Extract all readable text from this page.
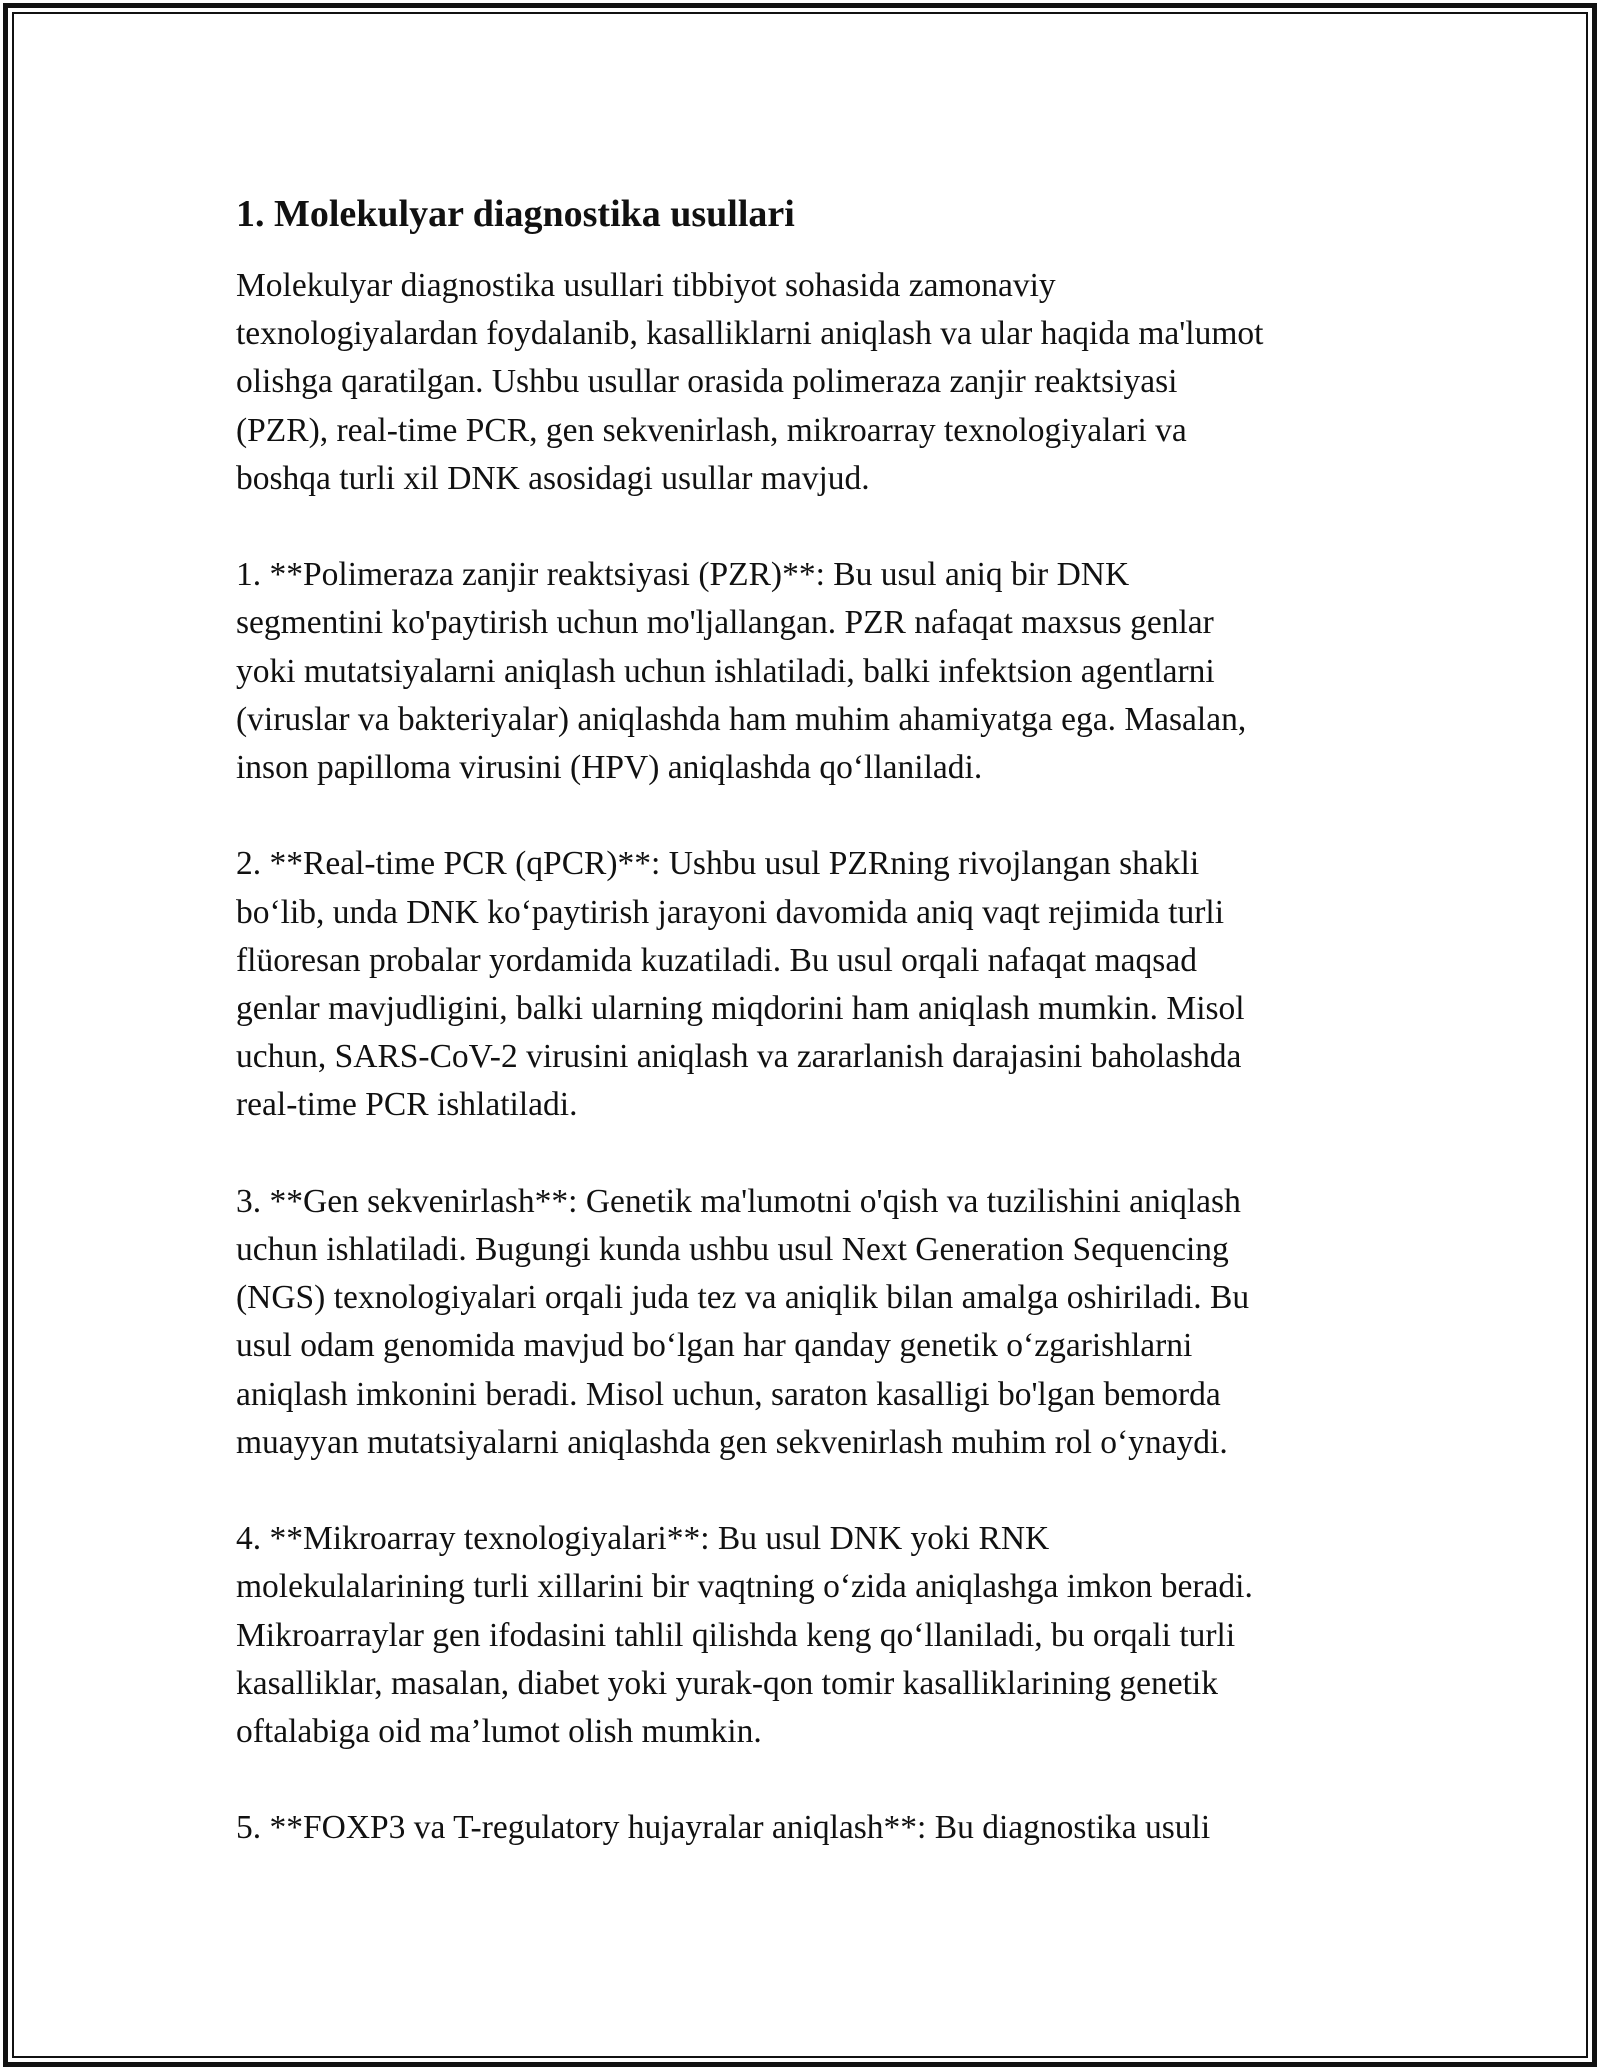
1. Molekulyar diagnostika usullari

Molekulyar diagnostika usullari tibbiyot sohasida zamonaviy
texnologiyalardan foydalanib, kasalliklarni aniqlash va ular haqida ma'lumot
olishga qaratilgan. Ushbu usullar orasida polimeraza zanjir reaktsiyasi
(PZR), real-time PCR, gen sekvenirlash, mikroarray texnologiyalari va
boshqa turli xil DNK asosidagi usullar mavjud.

1. **Polimeraza zanjir reaktsiyasi (PZR)**: Bu usul aniq bir DNK
segmentini ko'paytirish uchun mo'ljallangan. PZR nafaqat maxsus genlar
yoki mutatsiyalarni aniqlash uchun ishlatiladi, balki infektsion agentlarni
(viruslar va bakteriyalar) aniqlashda ham muhim ahamiyatga ega. Masalan,
inson papilloma virusini (HPV) aniqlashda qo‘llaniladi.

2. **Real-time PCR (qPCR)**: Ushbu usul PZRning rivojlangan shakli
bo‘lib, unda DNK ko‘paytirish jarayoni davomida aniq vaqt rejimida turli
flüoresan probalar yordamida kuzatiladi. Bu usul orqali nafaqat maqsad
genlar mavjudligini, balki ularning miqdorini ham aniqlash mumkin. Misol
uchun, SARS-CoV-2 virusini aniqlash va zararlanish darajasini baholashda
real-time PCR ishlatiladi.

3. **Gen sekvenirlash**: Genetik ma'lumotni o'qish va tuzilishini aniqlash
uchun ishlatiladi. Bugungi kunda ushbu usul Next Generation Sequencing
(NGS) texnologiyalari orqali juda tez va aniqlik bilan amalga oshiriladi. Bu
usul odam genomida mavjud bo‘lgan har qanday genetik o‘zgarishlarni
aniqlash imkonini beradi. Misol uchun, saraton kasalligi bo'lgan bemorda
muayyan mutatsiyalarni aniqlashda gen sekvenirlash muhim rol o‘ynaydi.

4. **Mikroarray texnologiyalari**: Bu usul DNK yoki RNK
molekulalarining turli xillarini bir vaqtning o‘zida aniqlashga imkon beradi.
Mikroarraylar gen ifodasini tahlil qilishda keng qo‘llaniladi, bu orqali turli
kasalliklar, masalan, diabet yoki yurak-qon tomir kasalliklarining genetik
oftalabiga oid ma’lumot olish mumkin.

5. **FOXP3 va T-regulatory hujayralar aniqlash**: Bu diagnostika usuli
